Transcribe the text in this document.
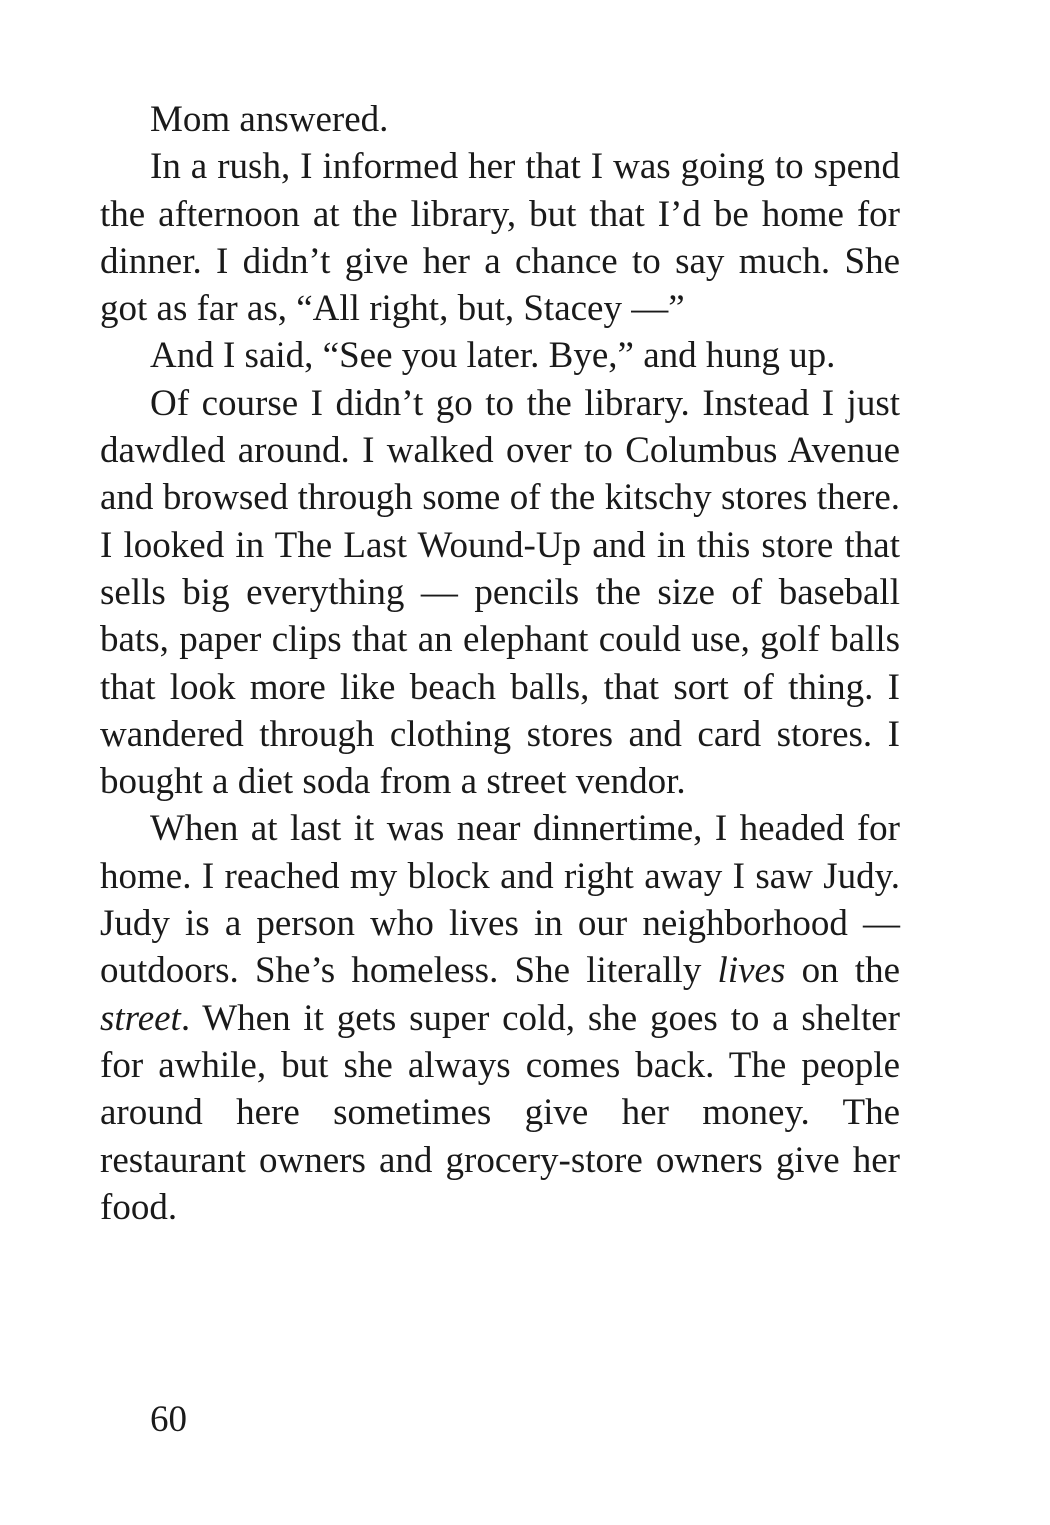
Mom answered.

In a rush, I informed her that I was going to spend the afternoon at the library, but that I’d be home for dinner. I didn’t give her a chance to say much. She got as far as, “All right, but, Stacey —”

And I said, “See you later. Bye,” and hung up.

Of course I didn’t go to the library. Instead I just dawdled around. I walked over to Columbus Avenue and browsed through some of the kitschy stores there. I looked in The Last Wound-Up and in this store that sells big everything — pencils the size of baseball bats, paper clips that an elephant could use, golf balls that look more like beach balls, that sort of thing. I wandered through clothing stores and card stores. I bought a diet soda from a street vendor.

When at last it was near dinnertime, I headed for home. I reached my block and right away I saw Judy. Judy is a person who lives in our neighborhood — outdoors. She’s homeless. She literally lives on the street. When it gets super cold, she goes to a shelter for awhile, but she always comes back. The people around here sometimes give her money. The restaurant owners and grocery-store owners give her food.

60
